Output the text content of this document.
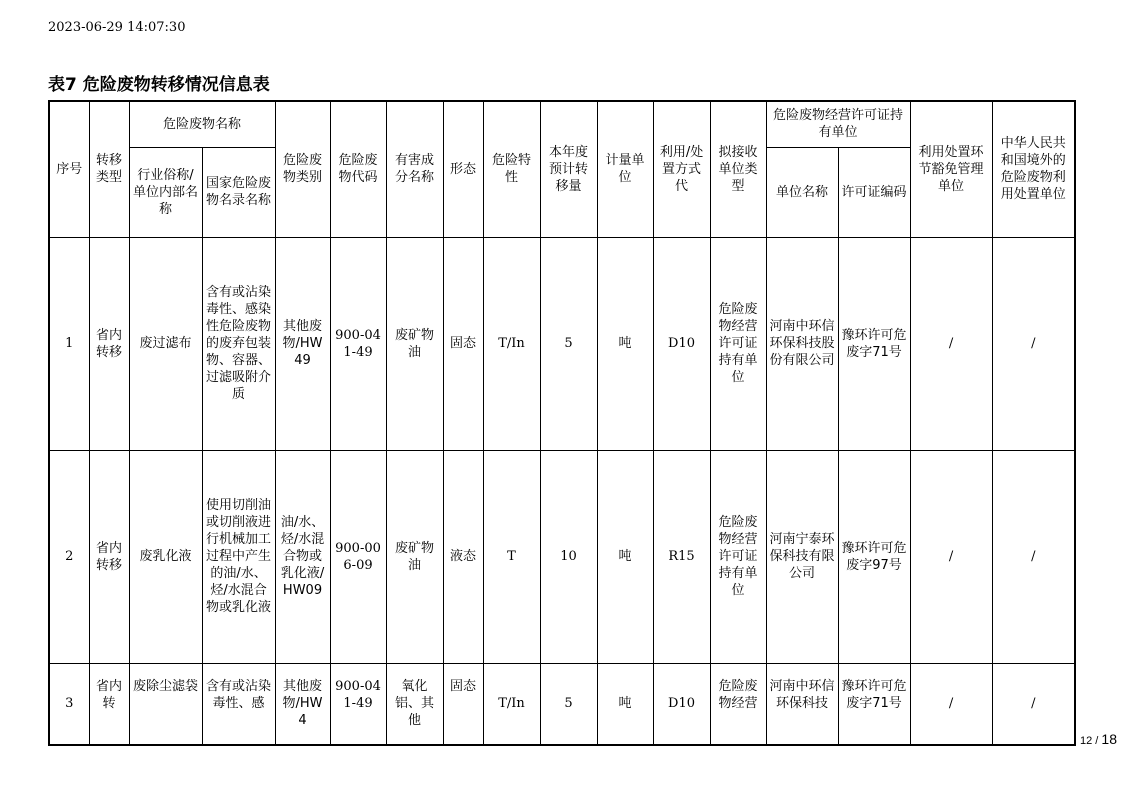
2023-06-29 14:07:30
表7 危险废物转移情况信息表
序号	转移类型	危险废物名称		危险废物类别	危险废物代码	有害成分名称	形态	危险特性	本年度预计转移量	计量单位	利用/处置方式代	拟接收单位类型	危险废物经营许可证持有单位		利用处置环节豁免管理单位	中华人民共和国境外的危险废物利用处置单位
		行业俗称/单位内部名称	国家危险废物名录名称										单位名称	许可证编码		
1	省内转移	废过滤布	含有或沾染毒性、感染性危险废物的废弃包装物、容器、过滤吸附介质	其他废物/HW49	900-041-49	废矿物油	固态	T/In	5	吨	D10	危险废物经营许可证持有单位	河南中环信环保科技股份有限公司	豫环许可危废字71号	/	/
2	省内转移	废乳化液	使用切削油或切削液进行机械加工过程中产生的油/水、烃/水混合物或乳化液	油/水、烃/水混合物或乳化液/HW09	900-006-09	废矿物油	液态	T	10	吨	R15	危险废物经营许可证持有单位	河南宁泰环保科技有限公司	豫环许可危废字97号	/	/
3	省内转	废除尘滤袋	含有或沾染毒性、感	其他废物/HW4	900-041-49	氧化铝、其他	固态	T/In	5	吨	D10	危险废物经营	河南中环信环保科技	豫环许可危废字71号	/	/
12 / 18
